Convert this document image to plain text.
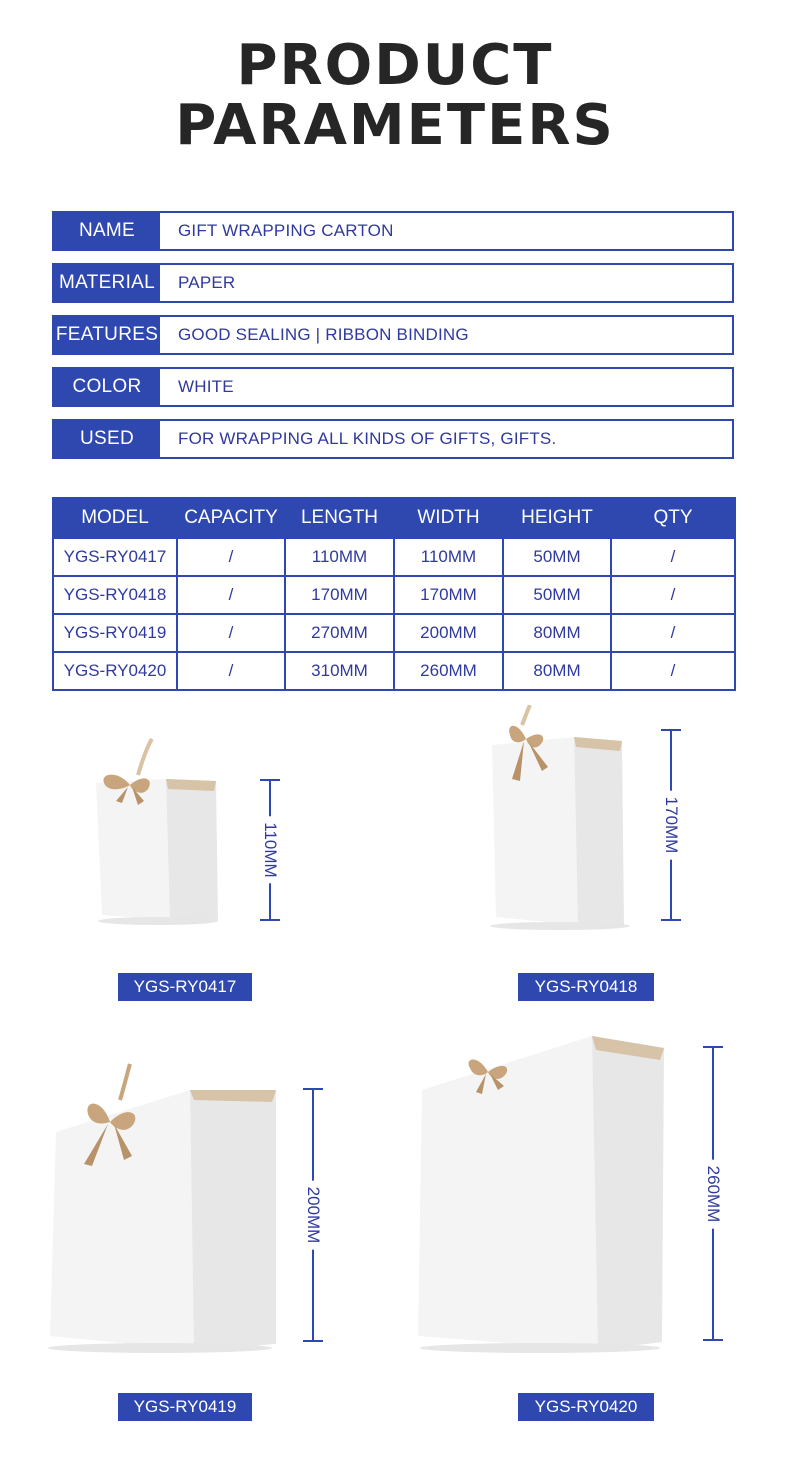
PRODUCT
PARAMETERS
NAME	GIFT WRAPPING CARTON
MATERIAL	PAPER
FEATURES	GOOD SEALING | RIBBON BINDING
COLOR	WHITE
USED	FOR WRAPPING ALL KINDS OF GIFTS, GIFTS.
MODEL	CAPACITY	LENGTH	WIDTH	HEIGHT	QTY
YGS-RY0417	/	110MM	110MM	50MM	/
YGS-RY0418	/	170MM	170MM	50MM	/
YGS-RY0419	/	270MM	200MM	80MM	/
YGS-RY0420	/	310MM	260MM	80MM	/
110MM
YGS-RY0417
170MM
YGS-RY0418
200MM
YGS-RY0419
260MM
YGS-RY0420
